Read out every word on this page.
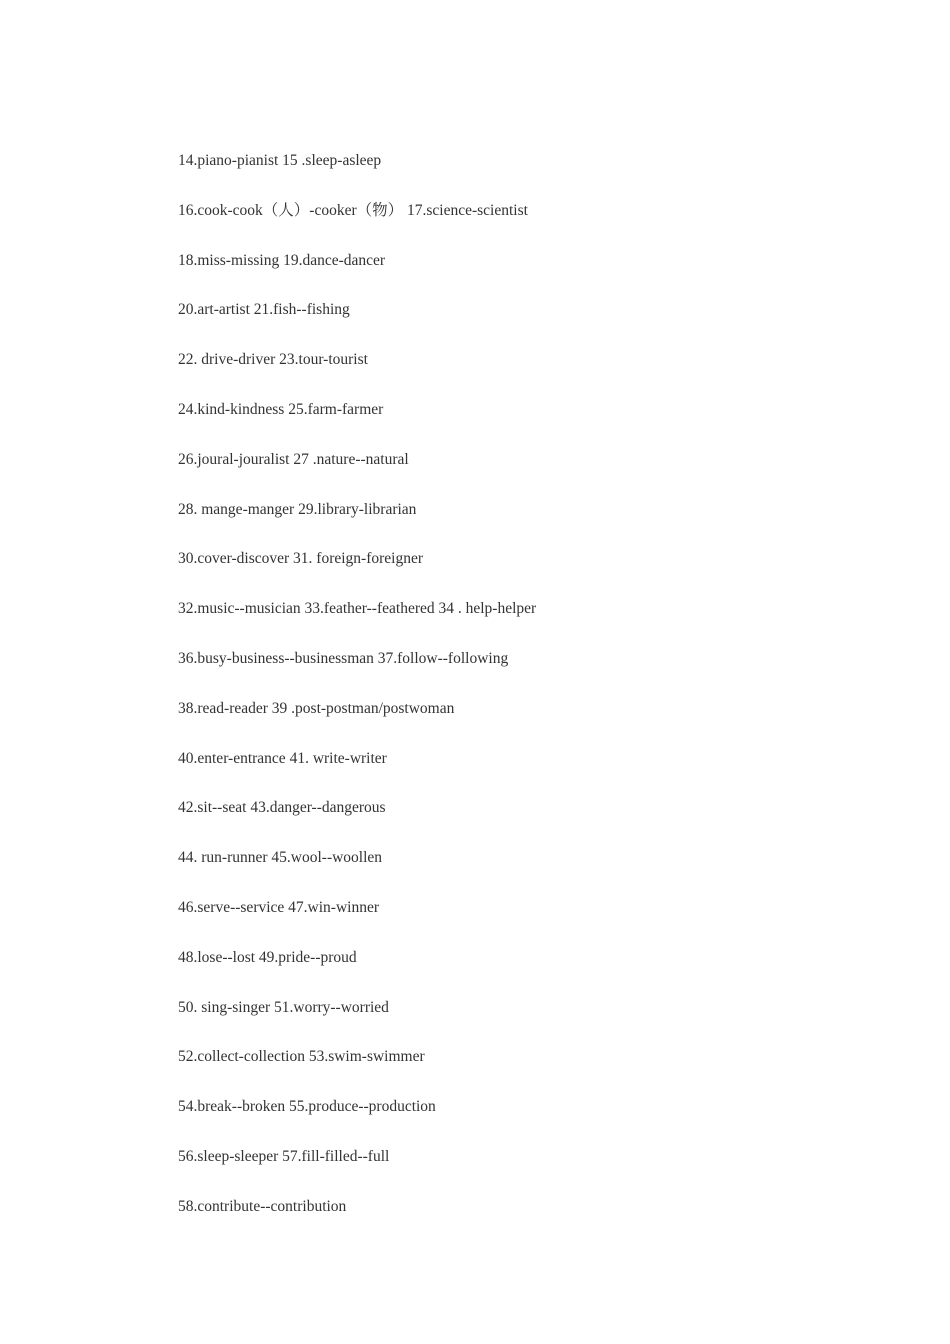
14.piano-pianist 15 .sleep-asleep
16.cook-cook（人）-cooker（物） 17.science-scientist
18.miss-missing 19.dance-dancer
20.art-artist 21.fish--fishing
22. drive-driver 23.tour-tourist
24.kind-kindness 25.farm-farmer
26.joural-jouralist 27 .nature--natural
28. mange-manger 29.library-librarian
30.cover-discover 31. foreign-foreigner
32.music--musician 33.feather--feathered 34 . help-helper
36.busy-business--businessman 37.follow--following
38.read-reader 39 .post-postman/postwoman
40.enter-entrance 41. write-writer
42.sit--seat 43.danger--dangerous
44. run-runner 45.wool--woollen
46.serve--service 47.win-winner
48.lose--lost 49.pride--proud
50. sing-singer 51.worry--worried
52.collect-collection 53.swim-swimmer
54.break--broken 55.produce--production
56.sleep-sleeper 57.fill-filled--full
58.contribute--contribution
